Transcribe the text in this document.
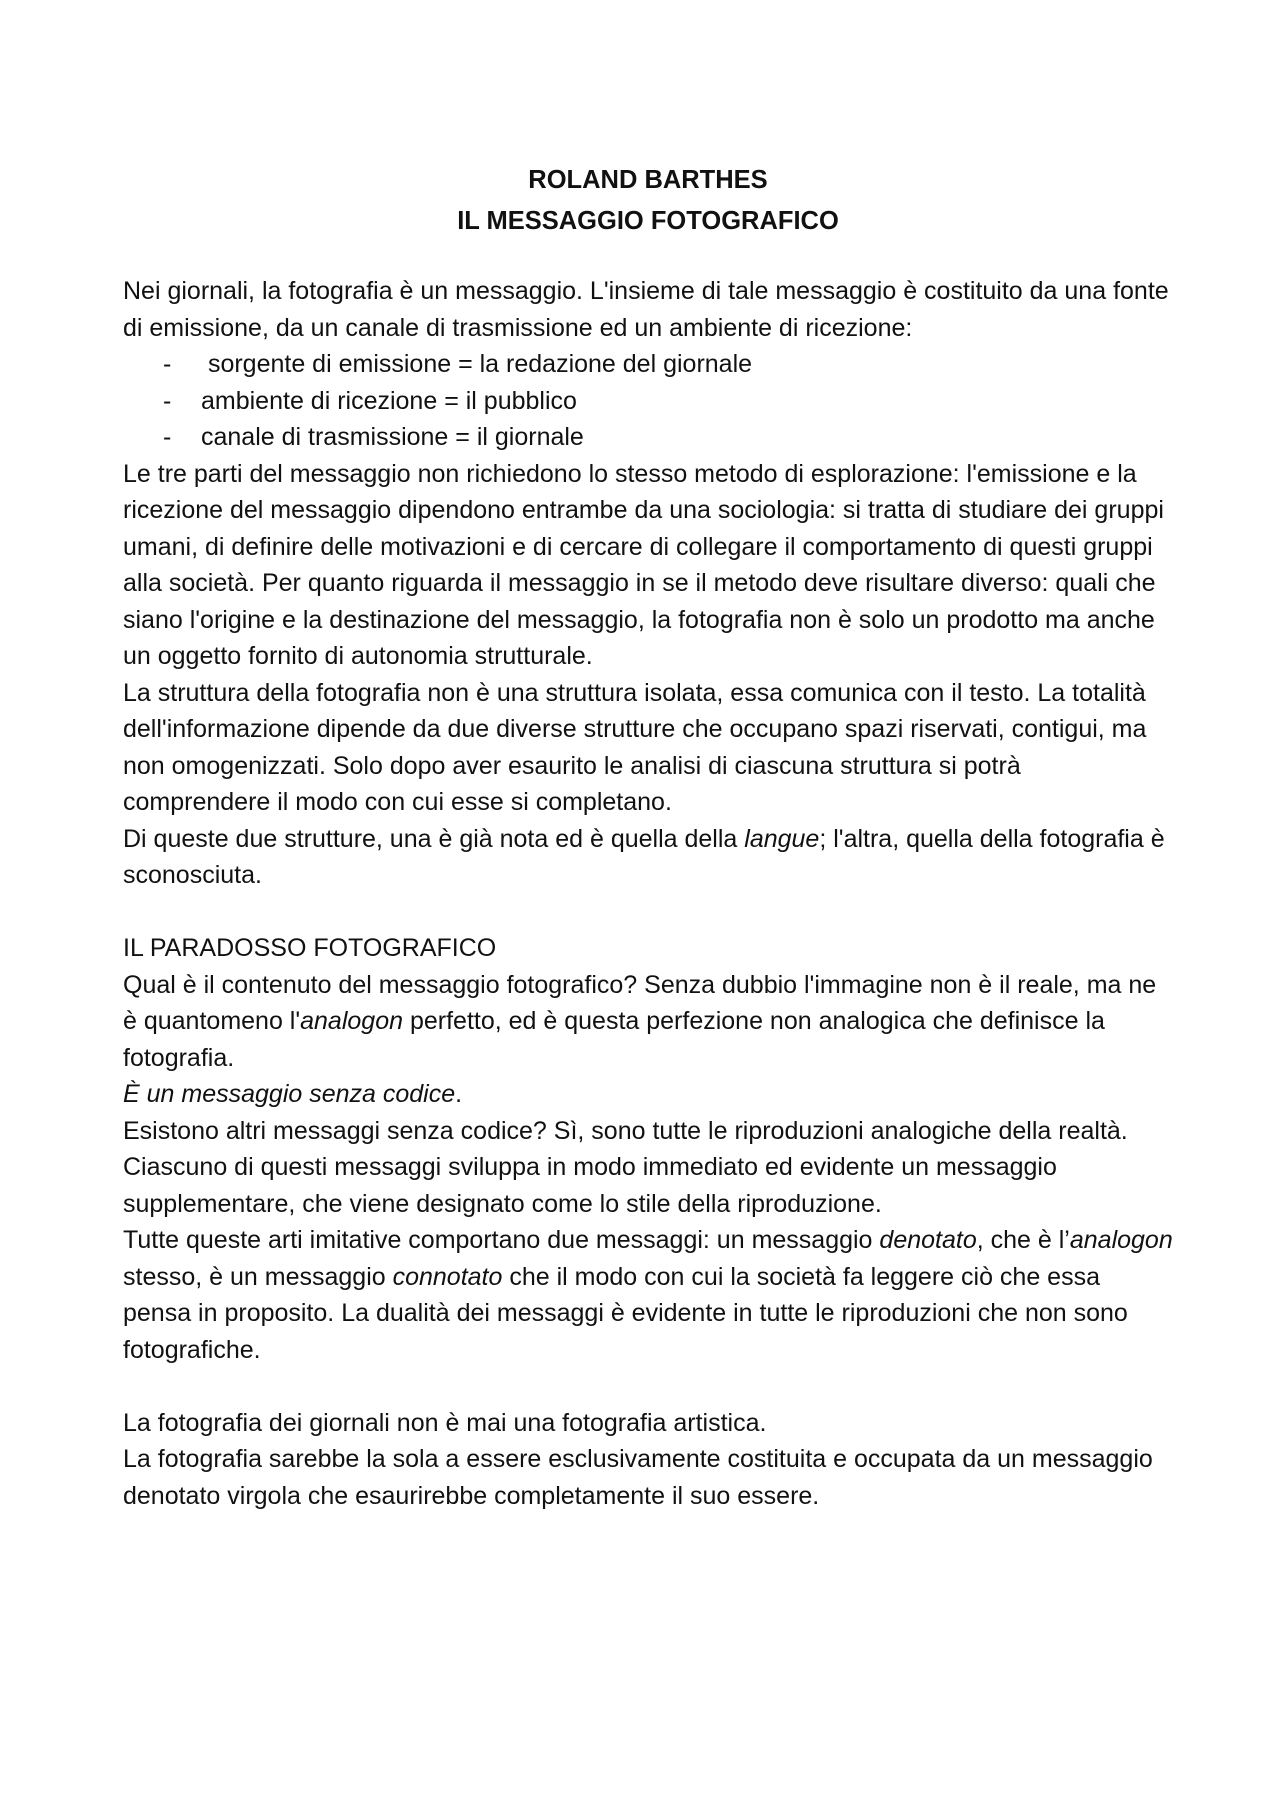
ROLAND BARTHES

IL MESSAGGIO FOTOGRAFICO

Nei giornali, la fotografia è un messaggio. L'insieme di tale messaggio è costituito da una fonte di emissione, da un canale di trasmissione ed un ambiente di ricezione:

- sorgente di emissione = la redazione del giornale
- ambiente di ricezione = il pubblico
- canale di trasmissione = il giornale

Le tre parti del messaggio non richiedono lo stesso metodo di esplorazione: l'emissione e la ricezione del messaggio dipendono entrambe da una sociologia: si tratta di studiare dei gruppi umani, di definire delle motivazioni e di cercare di collegare il comportamento di questi gruppi alla società. Per quanto riguarda il messaggio in se il metodo deve risultare diverso: quali che siano l'origine e la destinazione del messaggio, la fotografia non è solo un prodotto ma anche un oggetto fornito di autonomia strutturale.

La struttura della fotografia non è una struttura isolata, essa comunica con il testo. La totalità dell'informazione dipende da due diverse strutture che occupano spazi riservati, contigui, ma non omogenizzati. Solo dopo aver esaurito le analisi di ciascuna struttura si potrà comprendere il modo con cui esse si completano.

Di queste due strutture, una è già nota ed è quella della langue; l'altra, quella della fotografia è sconosciuta.

IL PARADOSSO FOTOGRAFICO

Qual è il contenuto del messaggio fotografico? Senza dubbio l'immagine non è il reale, ma ne è quantomeno l'analogon perfetto, ed è questa perfezione non analogica che definisce la fotografia.

È un messaggio senza codice.

Esistono altri messaggi senza codice? Sì, sono tutte le riproduzioni analogiche della realtà. Ciascuno di questi messaggi sviluppa in modo immediato ed evidente un messaggio supplementare, che viene designato come lo stile della riproduzione.

Tutte queste arti imitative comportano due messaggi: un messaggio denotato, che è l’analogon stesso, è un messaggio connotato che il modo con cui la società fa leggere ciò che essa pensa in proposito. La dualità dei messaggi è evidente in tutte le riproduzioni che non sono fotografiche.

La fotografia dei giornali non è mai una fotografia artistica.

La fotografia sarebbe la sola a essere esclusivamente costituita e occupata da un messaggio denotato virgola che esaurirebbe completamente il suo essere.
